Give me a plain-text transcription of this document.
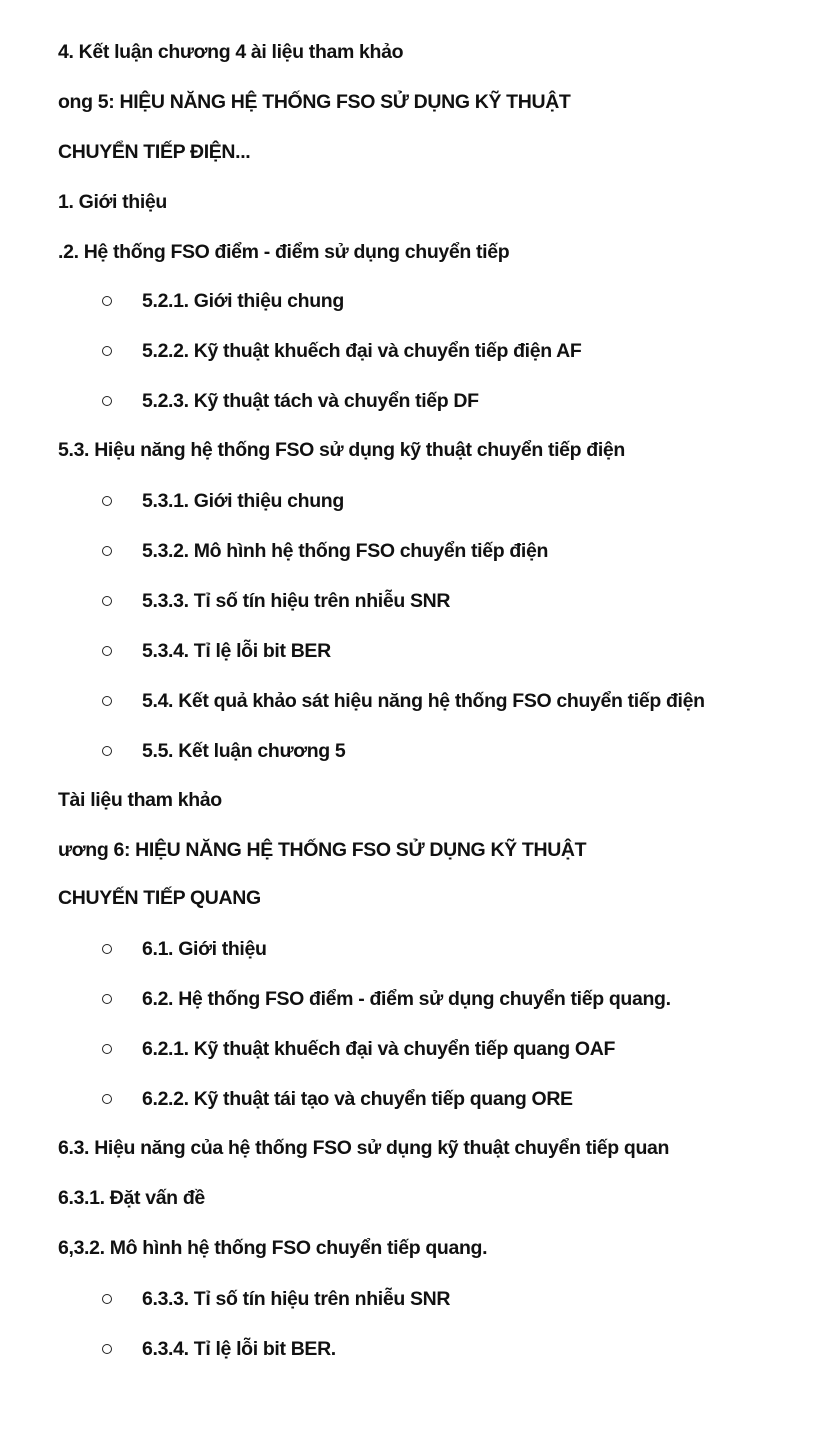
4. Kết luận chương 4 ài liệu tham khảo
ong 5: HIỆU NĂNG HỆ THỐNG FSO SỬ DỤNG KỸ THUẬT
CHUYỂN TIẾP ĐIỆN...
1. Giới thiệu
.2. Hệ thống FSO điểm - điểm sử dụng chuyển tiếp
5.2.1. Giới thiệu chung
5.2.2. Kỹ thuật khuếch đại và chuyển tiếp điện AF
5.2.3. Kỹ thuật tách và chuyển tiếp DF
5.3. Hiệu năng hệ thống FSO sử dụng kỹ thuật chuyển tiếp điện
5.3.1. Giới thiệu chung
5.3.2. Mô hình hệ thống FSO chuyển tiếp điện
5.3.3. Tỉ số tín hiệu trên nhiễu SNR
5.3.4. Tỉ lệ lỗi bit BER
5.4. Kết quả khảo sát hiệu năng hệ thống FSO chuyển tiếp điện
5.5. Kết luận chương 5
Tài liệu tham khảo
ương 6: HIỆU NĂNG HỆ THỐNG FSO SỬ DỤNG KỸ THUẬT
CHUYẾN TIẾP QUANG
6.1. Giới thiệu
6.2. Hệ thống FSO điểm - điểm sử dụng chuyển tiếp quang.
6.2.1. Kỹ thuật khuếch đại và chuyển tiếp quang OAF
6.2.2. Kỹ thuật tái tạo và chuyển tiếp quang ORE
6.3. Hiệu năng của hệ thống FSO sử dụng kỹ thuật chuyển tiếp quan
6.3.1. Đặt vấn đề
6,3.2. Mô hình hệ thống FSO chuyển tiếp quang.
6.3.3. Tỉ số tín hiệu trên nhiễu SNR
6.3.4. Tỉ lệ lỗi bit BER.
